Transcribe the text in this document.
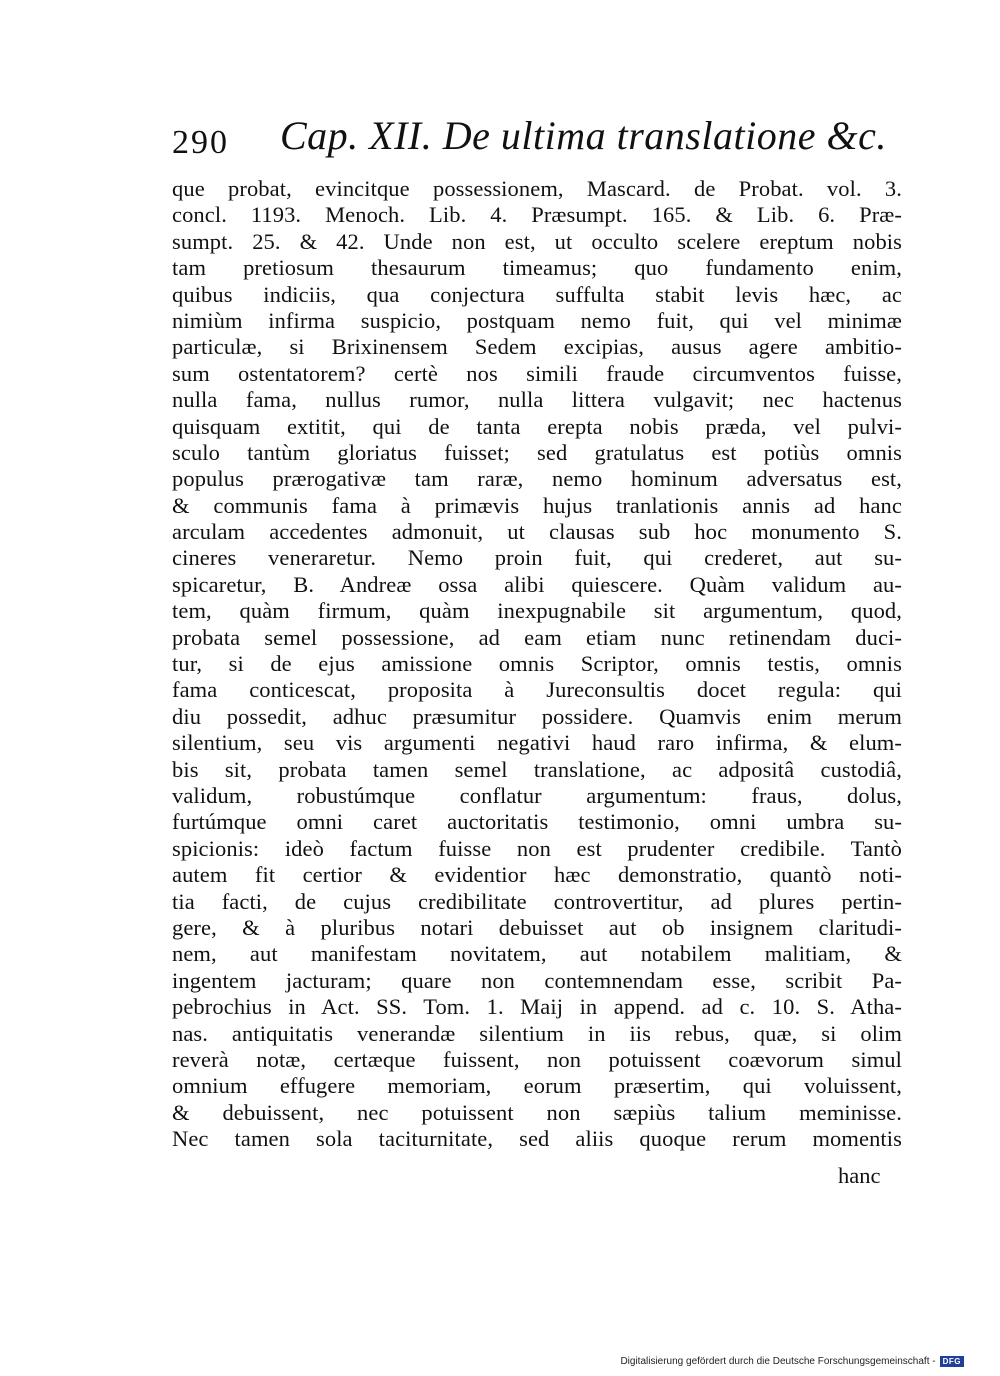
290 Cap. XII. De ultima translatione &c.
que probat, evincitque possessionem, Mascard. de Probat. vol. 3.
concl. 1193. Menoch. Lib. 4. Præsumpt. 165. & Lib. 6. Præ-
sumpt. 25. & 42. Unde non est, ut occulto scelere ereptum nobis
tam pretiosum thesaurum timeamus; quo fundamento enim,
quibus indiciis, qua conjectura suffulta stabit levis hæc, ac
nimiùm infirma suspicio, postquam nemo fuit, qui vel minimæ
particulæ, si Brixinensem Sedem excipias, ausus agere ambitio-
sum ostentatorem? certè nos simili fraude circumventos fuisse,
nulla fama, nullus rumor, nulla littera vulgavit; nec hactenus
quisquam extitit, qui de tanta erepta nobis præda, vel pulvi-
sculo tantùm gloriatus fuisset; sed gratulatus est potiùs omnis
populus prærogativæ tam raræ, nemo hominum adversatus est,
& communis fama à primævis hujus tranlationis annis ad hanc
arculam accedentes admonuit, ut clausas sub hoc monumento S.
cineres veneraretur. Nemo proin fuit, qui crederet, aut su-
spicaretur, B. Andreæ ossa alibi quiescere. Quàm validum au-
tem, quàm firmum, quàm inexpugnabile sit argumentum, quod,
probata semel possessione, ad eam etiam nunc retinendam duci-
tur, si de ejus amissione omnis Scriptor, omnis testis, omnis
fama conticescat, proposita à Jureconsultis docet regula: qui
diu possedit, adhuc præsumitur possidere. Quamvis enim merum
silentium, seu vis argumenti negativi haud raro infirma, & elum-
bis sit, probata tamen semel translatione, ac adpositâ custodiâ,
validum, robustúmque conflatur argumentum: fraus, dolus,
furtúmque omni caret auctoritatis testimonio, omni umbra su-
spicionis: ideò factum fuisse non est prudenter credibile. Tantò
autem fit certior & evidentior hæc demonstratio, quantò noti-
tia facti, de cujus credibilitate controvertitur, ad plures pertin-
gere, & à pluribus notari debuisset aut ob insignem claritudi-
nem, aut manifestam novitatem, aut notabilem malitiam, &
ingentem jacturam; quare non contemnendam esse, scribit Pa-
pebrochius in Act. SS. Tom. 1. Maij in append. ad c. 10. S. Atha-
nas. antiquitatis venerandæ silentium in iis rebus, quæ, si olim
reverà notæ, certæque fuissent, non potuissent coævorum simul
omnium effugere memoriam, eorum præsertim, qui voluissent,
& debuissent, nec potuissent non sæpiùs talium meminisse.
Nec tamen sola taciturnitate, sed aliis quoque rerum momentis
hanc
Digitalisierung gefördert durch die Deutsche Forschungsgemeinschaft - DFG
